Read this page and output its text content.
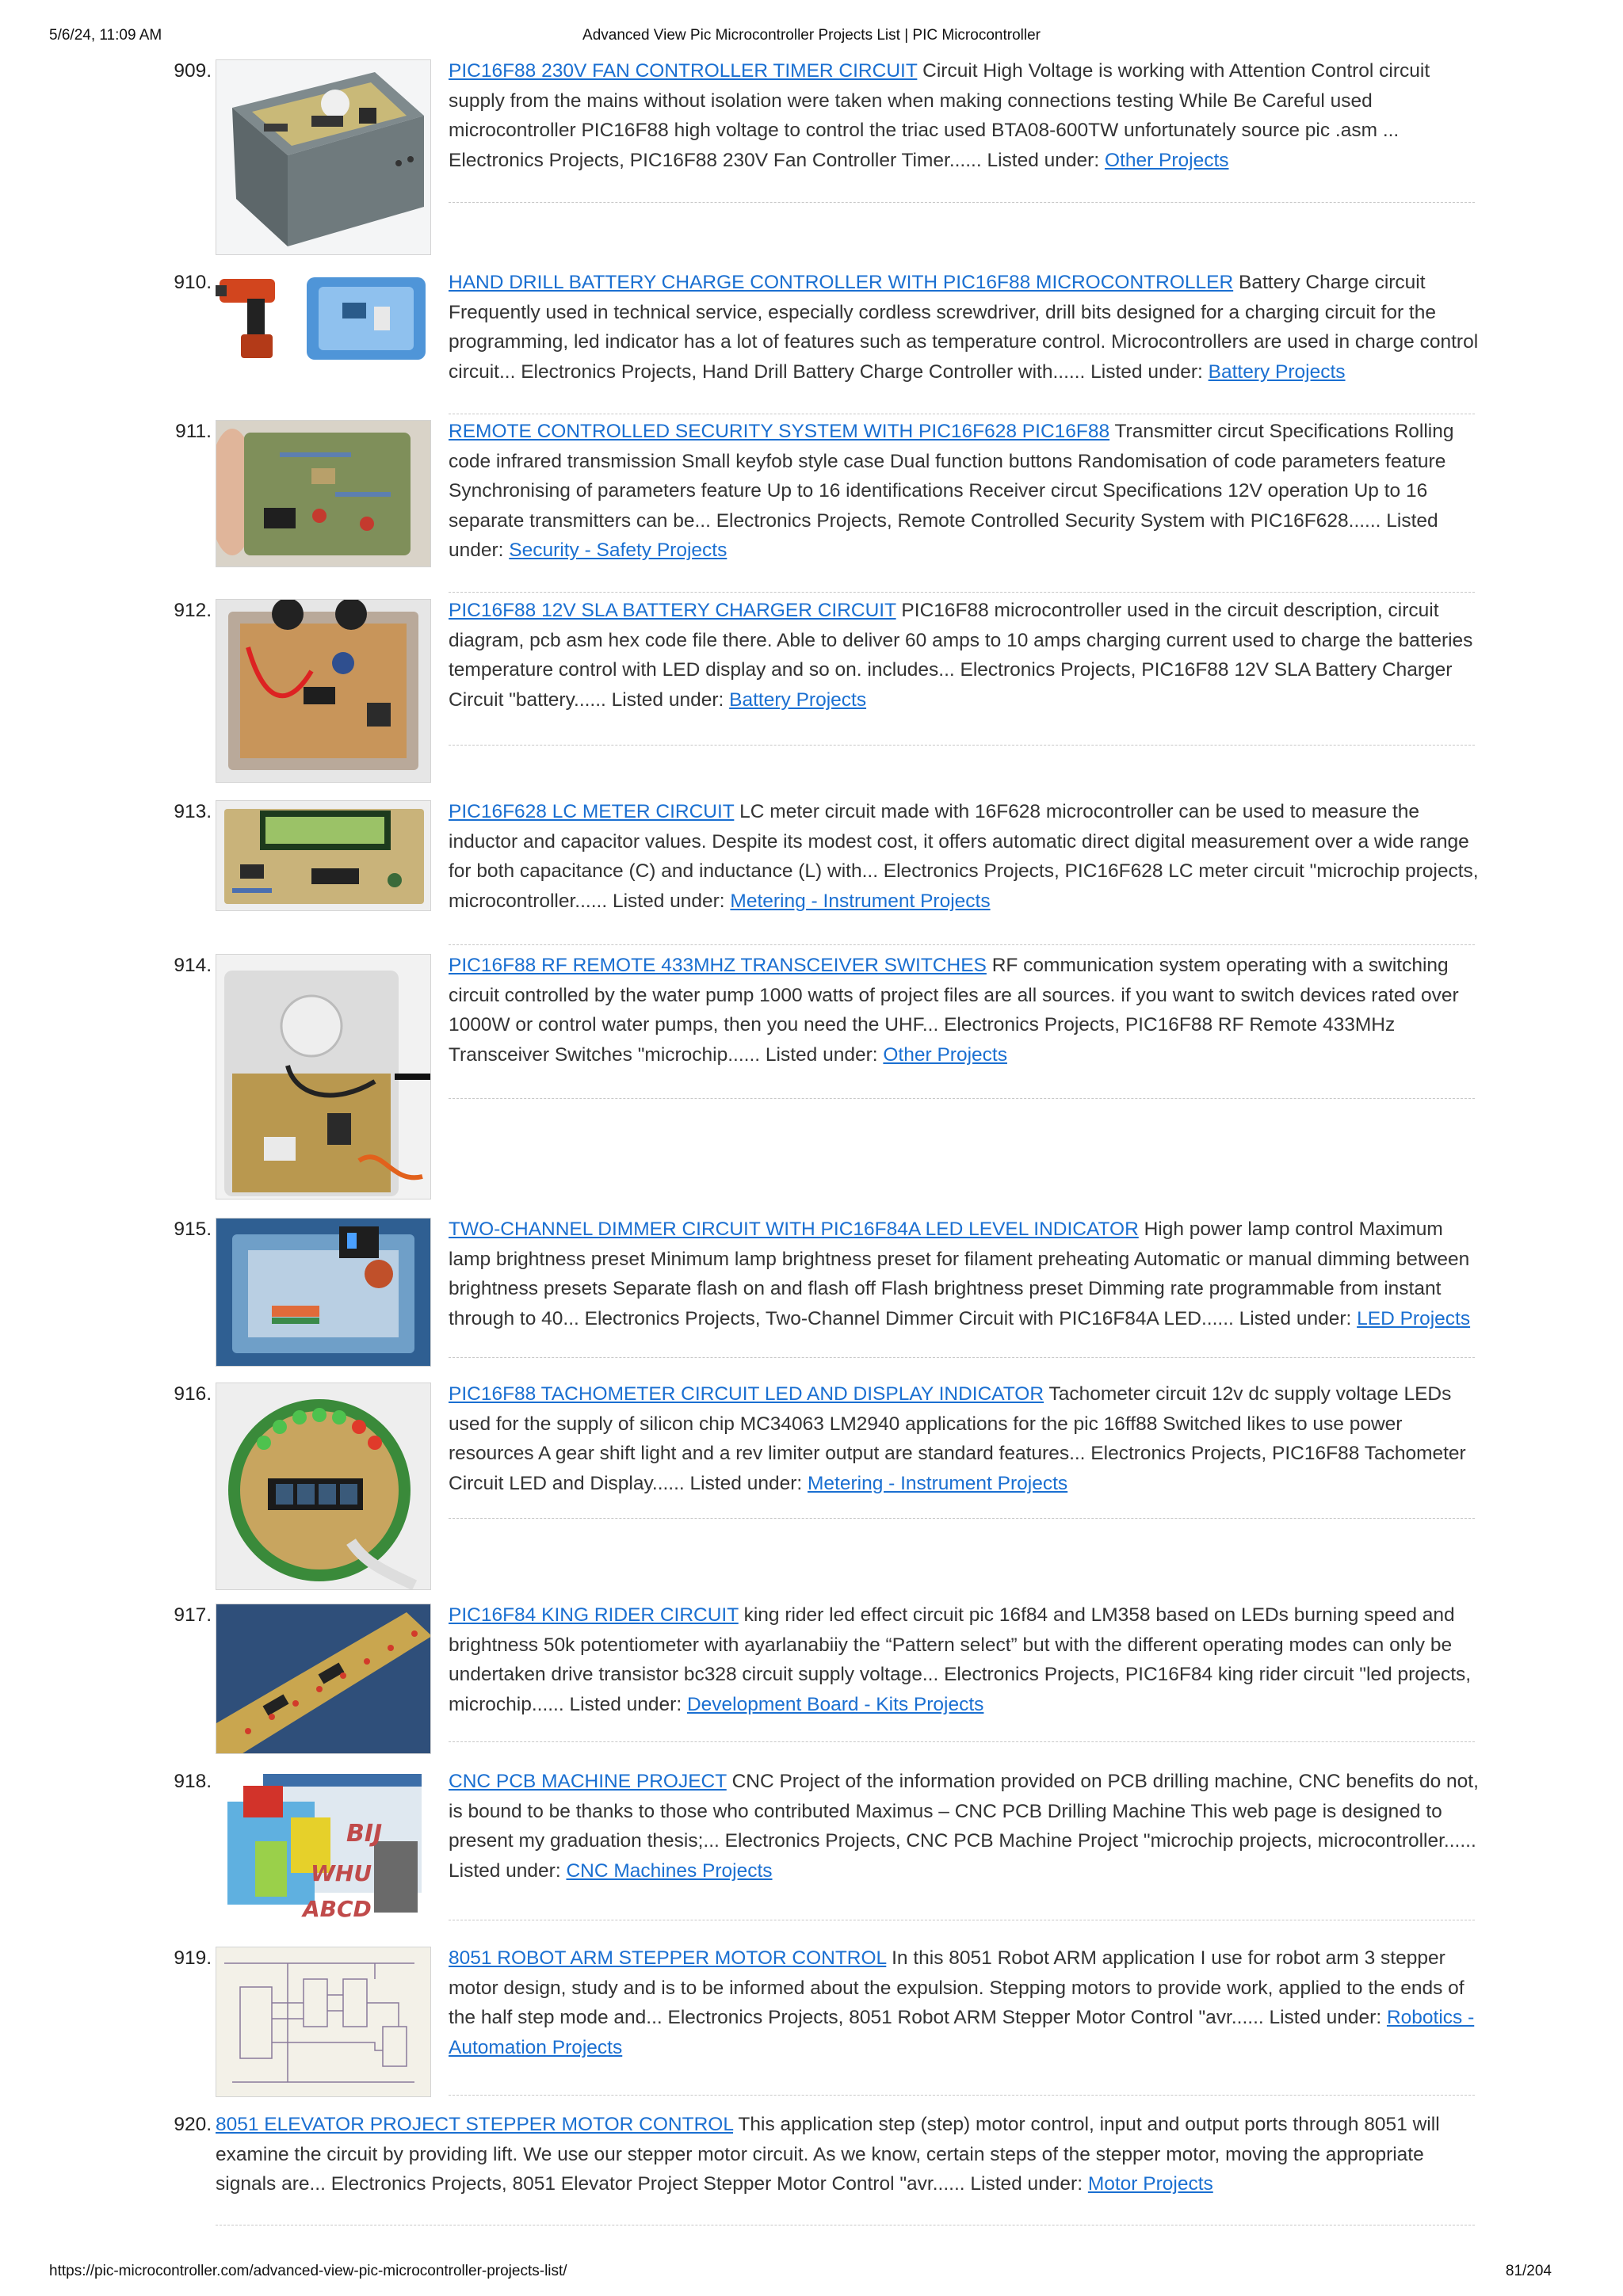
5/6/24, 11:09 AM	Advanced View Pic Microcontroller Projects List | PIC Microcontroller
909.	PIC16F88 230V FAN CONTROLLER TIMER CIRCUIT Circuit High Voltage is working with Attention Control circuit supply from the mains without isolation were taken when making connections testing While Be Careful used microcontroller PIC16F88 high voltage to control the triac used BTA08-600TW unfortunately source pic .asm ... Electronics Projects, PIC16F88 230V Fan Controller Timer...... Listed under: Other Projects
910.	HAND DRILL BATTERY CHARGE CONTROLLER WITH PIC16F88 MICROCONTROLLER Battery Charge circuit Frequently used in technical service, especially cordless screwdriver, drill bits designed for a charging circuit for the programming, led indicator has a lot of features such as temperature control. Microcontrollers are used in charge control circuit... Electronics Projects, Hand Drill Battery Charge Controller with...... Listed under: Battery Projects
911.	REMOTE CONTROLLED SECURITY SYSTEM WITH PIC16F628 PIC16F88 Transmitter circut Specifications Rolling code infrared transmission Small keyfob style case Dual function buttons Randomisation of code parameters feature Synchronising of parameters feature Up to 16 identifications Receiver circut Specifications 12V operation Up to 16 separate transmitters can be... Electronics Projects, Remote Controlled Security System with PIC16F628...... Listed under: Security - Safety Projects
912.	PIC16F88 12V SLA BATTERY CHARGER CIRCUIT PIC16F88 microcontroller used in the circuit description, circuit diagram, pcb asm hex code file there. Able to deliver 60 amps to 10 amps charging current used to charge the batteries temperature control with LED display and so on. includes... Electronics Projects, PIC16F88 12V SLA Battery Charger Circuit "battery...... Listed under: Battery Projects
913.	PIC16F628 LC METER CIRCUIT LC meter circuit made with 16F628 microcontroller can be used to measure the inductor and capacitor values. Despite its modest cost, it offers automatic direct digital measurement over a wide range for both capacitance (C) and inductance (L) with... Electronics Projects, PIC16F628 LC meter circuit "microchip projects, microcontroller...... Listed under: Metering - Instrument Projects
914.	PIC16F88 RF REMOTE 433MHZ TRANSCEIVER SWITCHES RF communication system operating with a switching circuit controlled by the water pump 1000 watts of project files are all sources. if you want to switch devices rated over 1000W or control water pumps, then you need the UHF... Electronics Projects, PIC16F88 RF Remote 433MHz Transceiver Switches "microchip...... Listed under: Other Projects
915.	TWO-CHANNEL DIMMER CIRCUIT WITH PIC16F84A LED LEVEL INDICATOR High power lamp control Maximum lamp brightness preset Minimum lamp brightness preset for filament preheating Automatic or manual dimming between brightness presets Separate flash on and flash off Flash brightness preset Dimming rate programmable from instant through to 40... Electronics Projects, Two-Channel Dimmer Circuit with PIC16F84A LED...... Listed under: LED Projects
916.	PIC16F88 TACHOMETER CIRCUIT LED AND DISPLAY INDICATOR Tachometer circuit 12v dc supply voltage LEDs used for the supply of silicon chip MC34063 LM2940 applications for the pic 16ff88 Switched likes to use power resources A gear shift light and a rev limiter output are standard features... Electronics Projects, PIC16F88 Tachometer Circuit LED and Display...... Listed under: Metering - Instrument Projects
917.	PIC16F84 KING RIDER CIRCUIT king rider led effect circuit pic 16f84 and LM358 based on LEDs burning speed and brightness 50k potentiometer with ayarlanabiiy the “Pattern select” but with the different operating modes can only be undertaken drive transistor bc328 circuit supply voltage... Electronics Projects, PIC16F84 king rider circuit "led projects, microchip...... Listed under: Development Board - Kits Projects
918.
BIJ
WHU
ABCD
CNC PCB MACHINE PROJECT CNC Project of the information provided on PCB drilling machine, CNC benefits do not, is bound to be thanks to those who contributed Maximus – CNC PCB Drilling Machine This web page is designed to present my graduation thesis;... Electronics Projects, CNC PCB Machine Project "microchip projects, microcontroller...... Listed under: CNC Machines Projects
919.	8051 ROBOT ARM STEPPER MOTOR CONTROL In this 8051 Robot ARM application I use for robot arm 3 stepper motor design, study and is to be informed about the expulsion. Stepping motors to provide work, applied to the ends of the half step mode and... Electronics Projects, 8051 Robot ARM Stepper Motor Control "avr...... Listed under: Robotics - Automation Projects
920. 8051 ELEVATOR PROJECT STEPPER MOTOR CONTROL This application step (step) motor control, input and output ports through 8051 will examine the circuit by providing lift. We use our stepper motor circuit. As we know, certain steps of the stepper motor, moving the appropriate signals are... Electronics Projects, 8051 Elevator Project Stepper Motor Control "avr...... Listed under: Motor Projects
https://pic-microcontroller.com/advanced-view-pic-microcontroller-projects-list/	81/204
